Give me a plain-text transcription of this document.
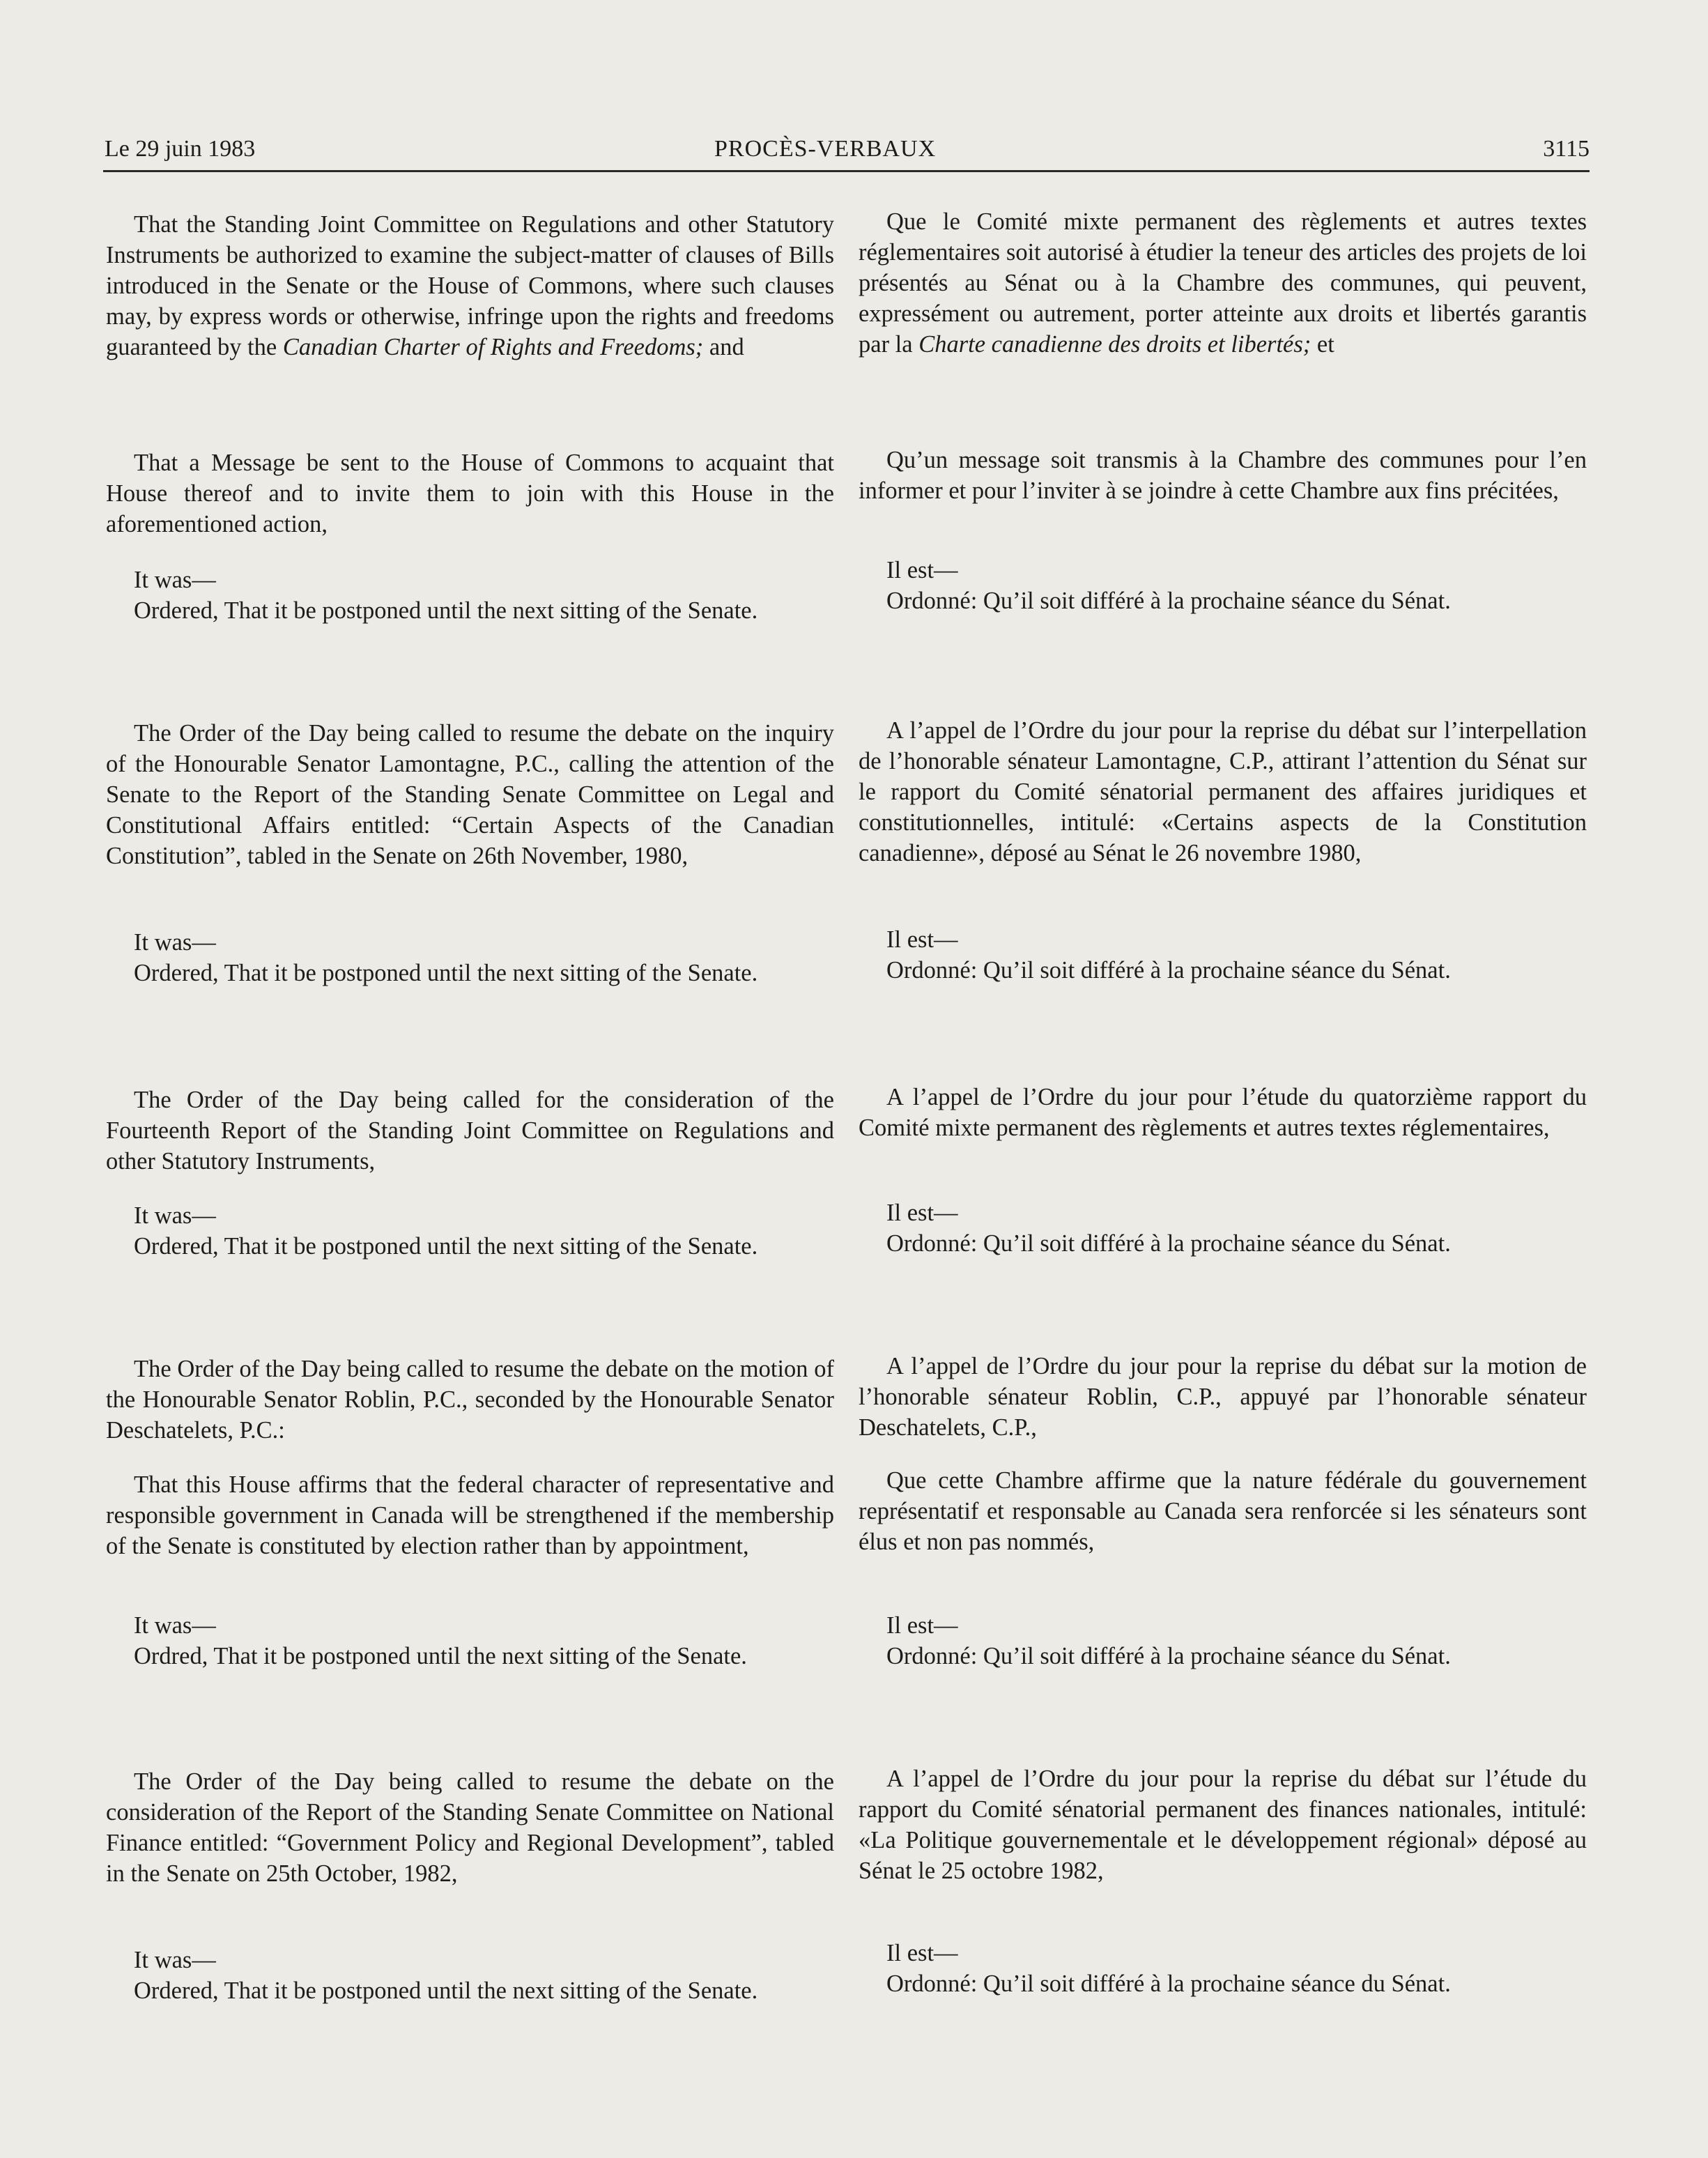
Le 29 juin 1983	PROCÈS-VERBAUX	3115

That the Standing Joint Committee on Regulations and other Statutory Instruments be authorized to examine the subject-matter of clauses of Bills introduced in the Senate or the House of Commons, where such clauses may, by express words or otherwise, infringe upon the rights and freedoms guaranteed by the Canadian Charter of Rights and Freedoms; and

That a Message be sent to the House of Commons to acquaint that House thereof and to invite them to join with this House in the aforementioned action,

It was—

Ordered, That it be postponed until the next sitting of the Senate.

The Order of the Day being called to resume the debate on the inquiry of the Honourable Senator Lamontagne, P.C., calling the attention of the Senate to the Report of the Standing Senate Committee on Legal and Constitutional Affairs entitled: “Certain Aspects of the Canadian Constitution”, tabled in the Senate on 26th November, 1980,

It was—

Ordered, That it be postponed until the next sitting of the Senate.

The Order of the Day being called for the consideration of the Fourteenth Report of the Standing Joint Committee on Regulations and other Statutory Instruments,

It was—

Ordered, That it be postponed until the next sitting of the Senate.

The Order of the Day being called to resume the debate on the motion of the Honourable Senator Roblin, P.C., seconded by the Honourable Senator Deschatelets, P.C.:

That this House affirms that the federal character of representative and responsible government in Canada will be strengthened if the membership of the Senate is constituted by election rather than by appointment,

It was—

Ordred, That it be postponed until the next sitting of the Senate.

The Order of the Day being called to resume the debate on the consideration of the Report of the Standing Senate Committee on National Finance entitled: “Government Policy and Regional Development”, tabled in the Senate on 25th October, 1982,

It was—

Ordered, That it be postponed until the next sitting of the Senate.

Que le Comité mixte permanent des règlements et autres textes réglementaires soit autorisé à étudier la teneur des articles des projets de loi présentés au Sénat ou à la Chambre des communes, qui peuvent, expressément ou autrement, porter atteinte aux droits et libertés garantis par la Charte canadienne des droits et libertés; et

Qu’un message soit transmis à la Chambre des communes pour l’en informer et pour l’inviter à se joindre à cette Chambre aux fins précitées,

Il est—

Ordonné: Qu’il soit différé à la prochaine séance du Sénat.

A l’appel de l’Ordre du jour pour la reprise du débat sur l’interpellation de l’honorable sénateur Lamontagne, C.P., attirant l’attention du Sénat sur le rapport du Comité sénatorial permanent des affaires juridiques et constitutionnelles, intitulé: «Certains aspects de la Constitution canadienne», déposé au Sénat le 26 novembre 1980,

Il est—

Ordonné: Qu’il soit différé à la prochaine séance du Sénat.

A l’appel de l’Ordre du jour pour l’étude du quatorzième rapport du Comité mixte permanent des règlements et autres textes réglementaires,

Il est—

Ordonné: Qu’il soit différé à la prochaine séance du Sénat.

A l’appel de l’Ordre du jour pour la reprise du débat sur la motion de l’honorable sénateur Roblin, C.P., appuyé par l’honorable sénateur Deschatelets, C.P.,

Que cette Chambre affirme que la nature fédérale du gouvernement représentatif et responsable au Canada sera renforcée si les sénateurs sont élus et non pas nommés,

Il est—

Ordonné: Qu’il soit différé à la prochaine séance du Sénat.

A l’appel de l’Ordre du jour pour la reprise du débat sur l’étude du rapport du Comité sénatorial permanent des finances nationales, intitulé: «La Politique gouvernementale et le développement régional» déposé au Sénat le 25 octobre 1982,

Il est—

Ordonné: Qu’il soit différé à la prochaine séance du Sénat.
